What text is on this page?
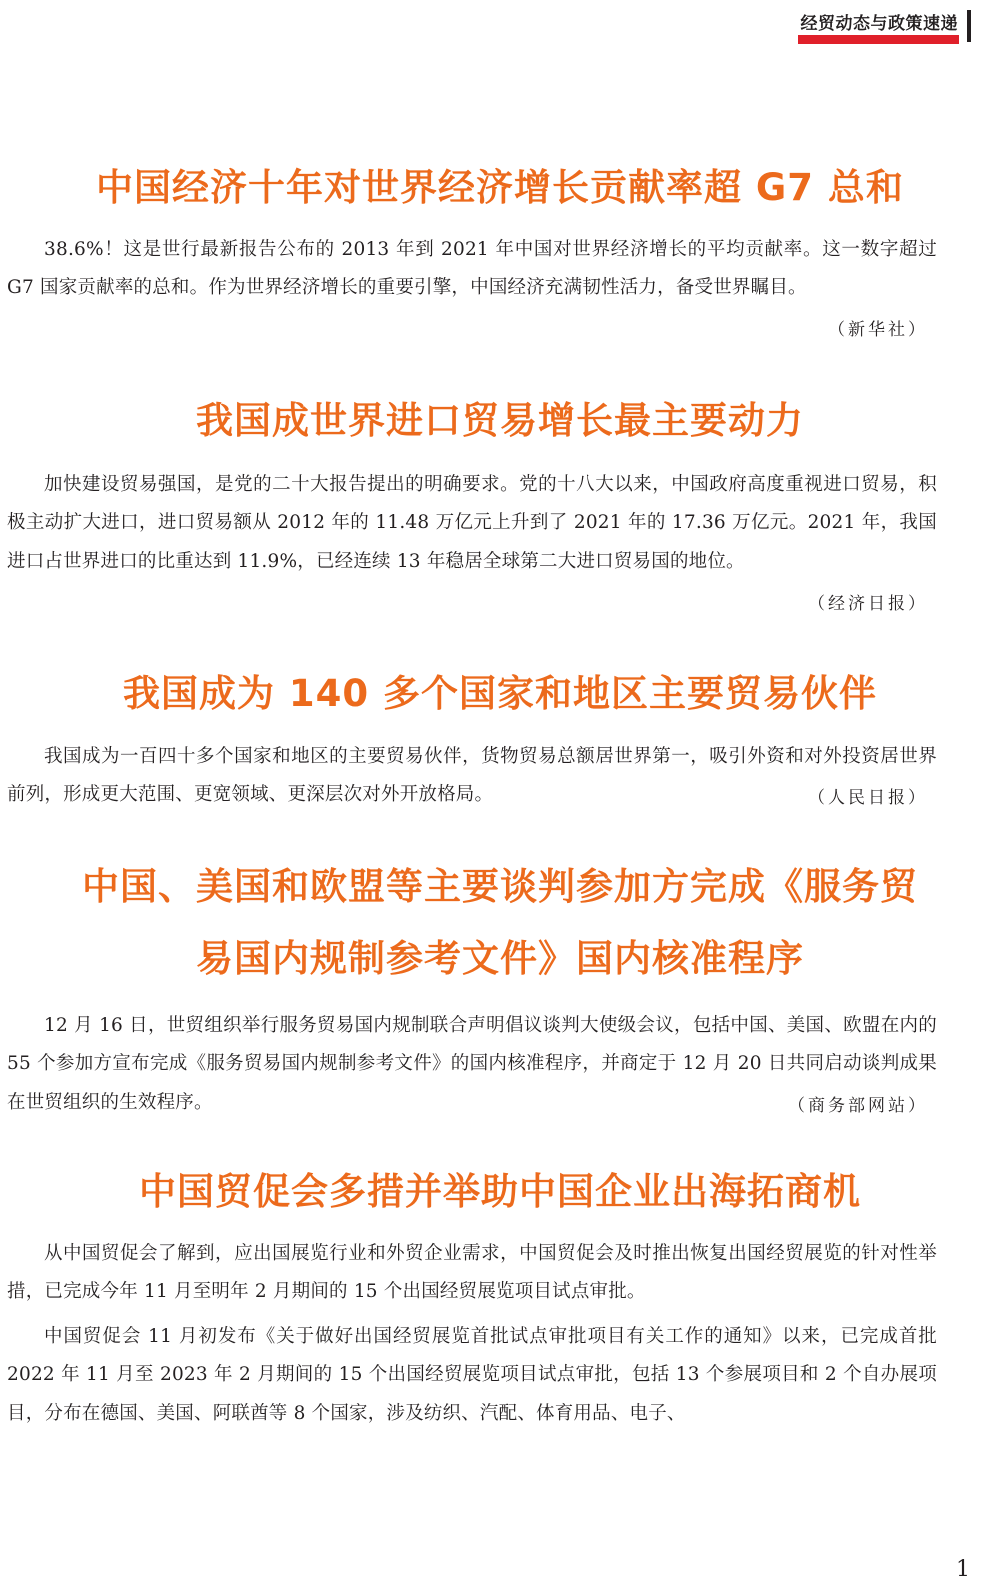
经贸动态与政策速递
中国经济十年对世界经济增长贡献率超 G7 总和

38.6%！这是世行最新报告公布的 2013 年到 2021 年中国对世界经济增长的平均贡献率。这一数字超过 G7 国家贡献率的总和。作为世界经济增长的重要引擎，中国经济充满韧性活力，备受世界瞩目。

（新华社）
我国成世界进口贸易增长最主要动力

加快建设贸易强国，是党的二十大报告提出的明确要求。党的十八大以来，中国政府高度重视进口贸易，积极主动扩大进口，进口贸易额从 2012 年的 11.48 万亿元上升到了 2021 年的 17.36 万亿元。2021 年，我国进口占世界进口的比重达到 11.9%，已经连续 13 年稳居全球第二大进口贸易国的地位。

（经济日报）
我国成为 140 多个国家和地区主要贸易伙伴

我国成为一百四十多个国家和地区的主要贸易伙伴，货物贸易总额居世界第一，吸引外资和对外投资居世界前列，形成更大范围、更宽领域、更深层次对外开放格局。	（人民日报）
中国、美国和欧盟等主要谈判参加方完成《服务贸
易国内规制参考文件》国内核准程序

12 月 16 日，世贸组织举行服务贸易国内规制联合声明倡议谈判大使级会议，包括中国、美国、欧盟在内的 55 个参加方宣布完成《服务贸易国内规制参考文件》的国内核准程序，并商定于 12 月 20 日共同启动谈判成果在世贸组织的生效程序。	（商务部网站）
中国贸促会多措并举助中国企业出海拓商机

从中国贸促会了解到，应出国展览行业和外贸企业需求，中国贸促会及时推出恢复出国经贸展览的针对性举措，已完成今年 11 月至明年 2 月期间的 15 个出国经贸展览项目试点审批。

中国贸促会 11 月初发布《关于做好出国经贸展览首批试点审批项目有关工作的通知》以来，已完成首批 2022 年 11 月至 2023 年 2 月期间的 15 个出国经贸展览项目试点审批，包括 13 个参展项目和 2 个自办展项目，分布在德国、美国、阿联酋等 8 个国家，涉及纺织、汽配、体育用品、电子、

1
